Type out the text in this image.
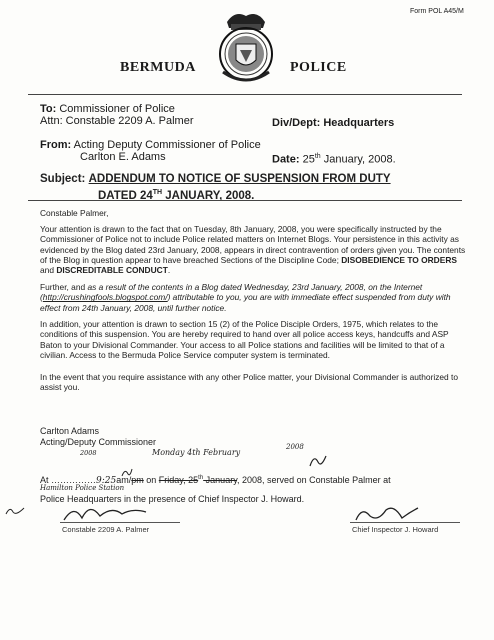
Form POL A45/M
BERMUDA	POLICE
To: Commissioner of Police
Attn: Constable 2209 A. Palmer	Div/Dept: Headquarters
From: Acting Deputy Commissioner of Police
Carlton E. Adams	Date: 25th January, 2008.
Subject: ADDENDUM TO NOTICE OF SUSPENSION FROM DUTY
DATED 24TH JANUARY, 2008.
Constable Palmer,

Your attention is drawn to the fact that on Tuesday, 8th January, 2008, you were specifically instructed by the Commissioner of Police not to include Police related matters on Internet Blogs. Your persistence in this activity as evidenced by the Blog dated 23rd January, 2008, appears in direct contravention of orders given you. The contents of the Blog in question appear to have breached Sections of the Discipline Code; DISOBEDIENCE TO ORDERS and DISCREDITABLE CONDUCT.

Further, and as a result of the contents in a Blog dated Wednesday, 23rd January, 2008, on the Internet (http://crushingfools.blogspot.com/) attributable to you, you are with immediate effect suspended from duty with effect from 24th January, 2008, until further notice.

In addition, your attention is drawn to section 15 (2) of the Police Disciple Orders, 1975, which relates to the conditions of this suspension. You are hereby required to hand over all police access keys, handcuffs and ASP Baton to your Divisional Commander. Your access to all Police stations and facilities will be limited to that of a civilian. Access to the Bermuda Police Service computer system is terminated.

In the event that you require assistance with any other Police matter, your Divisional Commander is authorized to assist you.

Carlton Adams
Acting/Deputy Commissioner
Monday 4th February
2008
2008
At ……………9:25am/pm on Friday, 25th January, 2008, served on Constable Palmer at
Hamilton Police Station
Police Headquarters in the presence of Chief Inspector J. Howard.
Constable 2209 A. Palmer	Chief Inspector J. Howard
